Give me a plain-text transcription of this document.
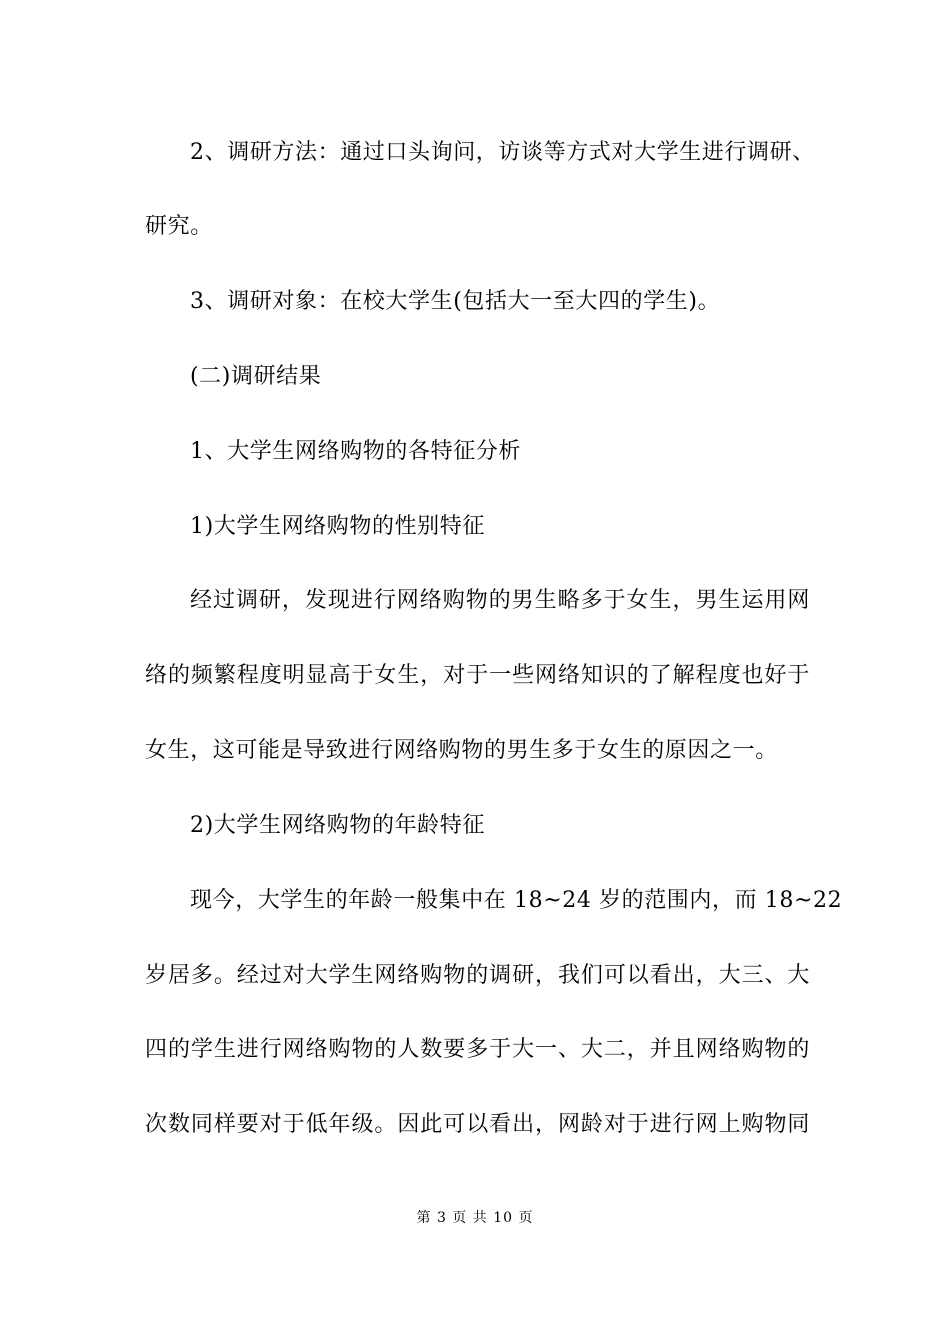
2、调研方法：通过口头询问，访谈等方式对大学生进行调研、
研究。
3、调研对象：在校大学生(包括大一至大四的学生)。
(二)调研结果
1、大学生网络购物的各特征分析
1)大学生网络购物的性别特征
经过调研，发现进行网络购物的男生略多于女生，男生运用网
络的频繁程度明显高于女生，对于一些网络知识的了解程度也好于
女生，这可能是导致进行网络购物的男生多于女生的原因之一。
2)大学生网络购物的年龄特征
现今，大学生的年龄一般集中在 18~24 岁的范围内，而 18~22
岁居多。经过对大学生网络购物的调研，我们可以看出，大三、大
四的学生进行网络购物的人数要多于大一、大二，并且网络购物的
次数同样要对于低年级。因此可以看出，网龄对于进行网上购物同
第 3 页 共 10 页
